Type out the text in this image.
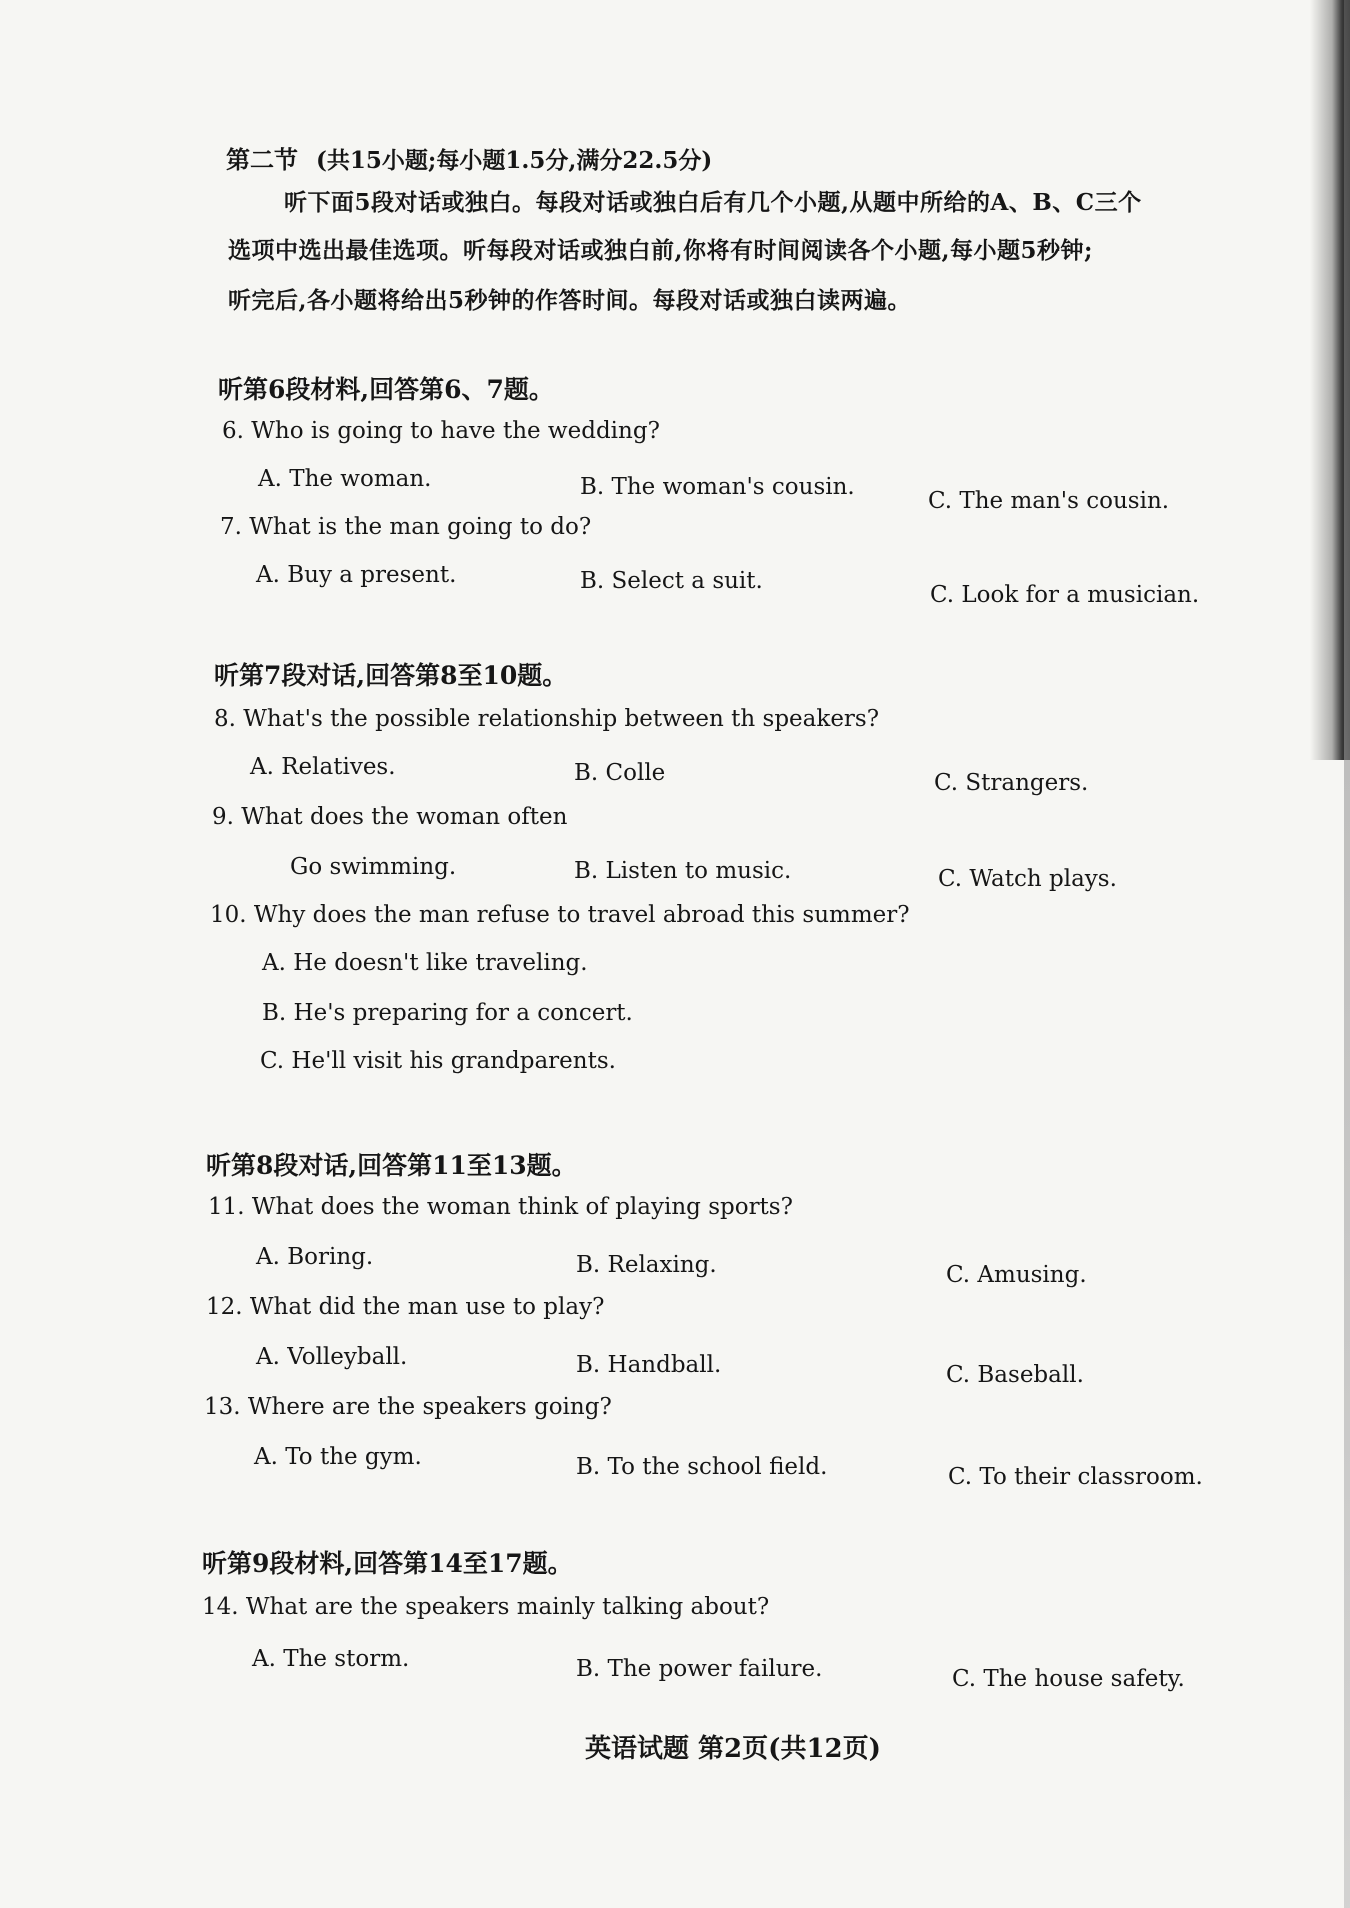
第二节 (共15小题;每小题1.5分,满分22.5分)
听下面5段对话或独白。每段对话或独白后有几个小题,从题中所给的A、B、C三个
选项中选出最佳选项。听每段对话或独白前,你将有时间阅读各个小题,每小题5秒钟;
听完后,各小题将给出5秒钟的作答时间。每段对话或独白读两遍。
听第6段材料,回答第6、7题。
6. Who is going to have the wedding?
A. The woman.	B. The woman's cousin.
C. The man's cousin.
7. What is the man going to do?
A. Buy a present.	B. Select a suit.
C. Look for a musician.
听第7段对话,回答第8至10题。
8. What's the possible relationship between th speakers?
A. Relatives.	B. Colle	C. Strangers.
9. What does the woman often
Go swimming.	B. Listen to music.	C. Watch plays.
10. Why does the man refuse to travel abroad this summer?
A. He doesn't like traveling.
B. He's preparing for a concert.
C. He'll visit his grandparents.
听第8段对话,回答第11至13题。
11. What does the woman think of playing sports?
A. Boring.	B. Relaxing.	C. Amusing.
12. What did the man use to play?
A. Volleyball.	B. Handball.	C. Baseball.
13. Where are the speakers going?
A. To the gym.	B. To the school field.	C. To their classroom.
听第9段材料,回答第14至17题。
14. What are the speakers mainly talking about?
A. The storm.	B. The power failure.	C. The house safety.
英语试题 第2页(共12页)
